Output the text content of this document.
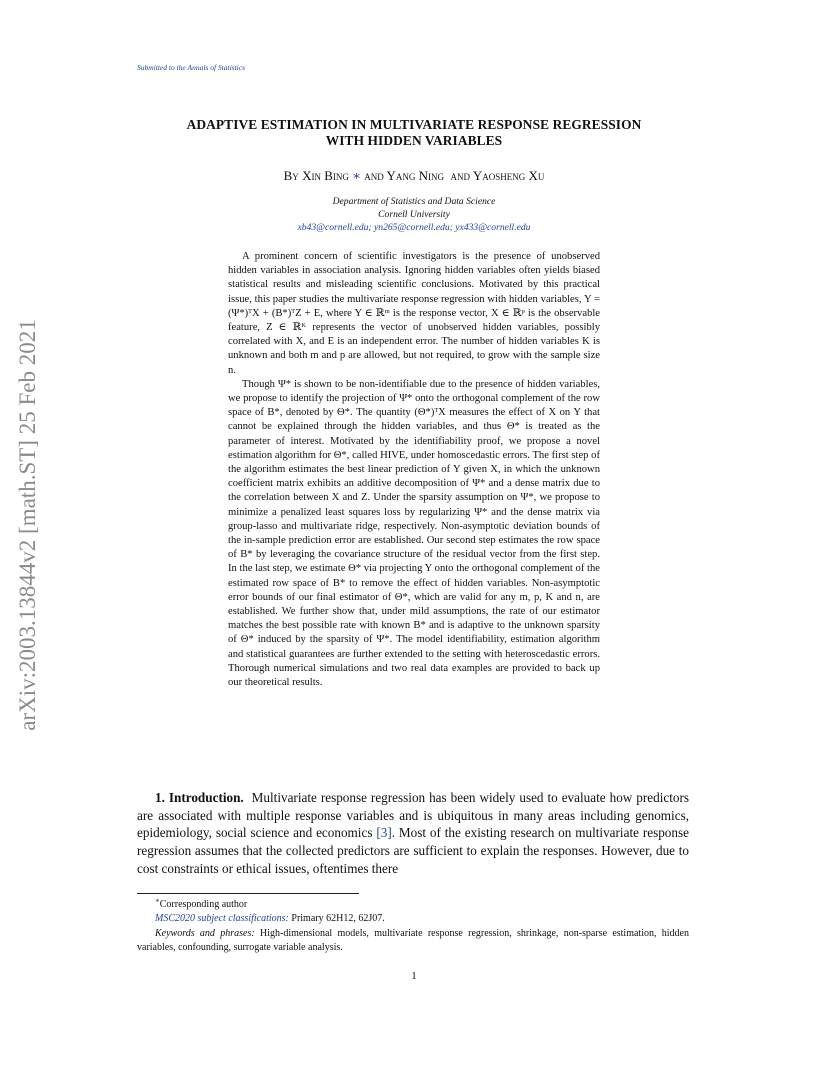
Submitted to the Annals of Statistics
ADAPTIVE ESTIMATION IN MULTIVARIATE RESPONSE REGRESSION
WITH HIDDEN VARIABLES
By Xin Bing ∗ and Yang Ning and Yaosheng Xu
Department of Statistics and Data Science
Cornell University
xb43@cornell.edu; yn265@cornell.edu; yx433@cornell.edu

A prominent concern of scientific investigators is the presence of unobserved hidden variables in association analysis. Ignoring hidden variables often yields biased statistical results and misleading scientific conclusions. Motivated by this practical issue, this paper studies the multivariate response regression with hidden variables, Y = (Ψ*)ᵀX + (B*)ᵀZ + E, where Y ∈ ℝᵐ is the response vector, X ∈ ℝᵖ is the observable feature, Z ∈ ℝᴷ represents the vector of unobserved hidden variables, possibly correlated with X, and E is an independent error. The number of hidden variables K is unknown and both m and p are allowed, but not required, to grow with the sample size n.

Though Ψ* is shown to be non-identifiable due to the presence of hidden variables, we propose to identify the projection of Ψ* onto the orthogonal complement of the row space of B*, denoted by Θ*. The quantity (Θ*)ᵀX measures the effect of X on Y that cannot be explained through the hidden variables, and thus Θ* is treated as the parameter of interest. Motivated by the identifiability proof, we propose a novel estimation algorithm for Θ*, called HIVE, under homoscedastic errors. The first step of the algorithm estimates the best linear prediction of Y given X, in which the unknown coefficient matrix exhibits an additive decomposition of Ψ* and a dense matrix due to the correlation between X and Z. Under the sparsity assumption on Ψ*, we propose to minimize a penalized least squares loss by regularizing Ψ* and the dense matrix via group-lasso and multivariate ridge, respectively. Non-asymptotic deviation bounds of the in-sample prediction error are established. Our second step estimates the row space of B* by leveraging the covariance structure of the residual vector from the first step. In the last step, we estimate Θ* via projecting Y onto the orthogonal complement of the estimated row space of B* to remove the effect of hidden variables. Non-asymptotic error bounds of our final estimator of Θ*, which are valid for any m, p, K and n, are established. We further show that, under mild assumptions, the rate of our estimator matches the best possible rate with known B* and is adaptive to the unknown sparsity of Θ* induced by the sparsity of Ψ*. The model identifiability, estimation algorithm and statistical guarantees are further extended to the setting with heteroscedastic errors. Thorough numerical simulations and two real data examples are provided to back up our theoretical results.

arXiv:2003.13844v2 [math.ST] 25 Feb 2021

1. Introduction. Multivariate response regression has been widely used to evaluate how predictors are associated with multiple response variables and is ubiquitous in many areas including genomics, epidemiology, social science and economics [3]. Most of the existing research on multivariate response regression assumes that the collected predictors are sufficient to explain the responses. However, due to cost constraints or ethical issues, oftentimes there

∗Corresponding author
MSC2020 subject classifications: Primary 62H12, 62J07.
Keywords and phrases: High-dimensional models, multivariate response regression, shrinkage, non-sparse estimation, hidden variables, confounding, surrogate variable analysis.
1
